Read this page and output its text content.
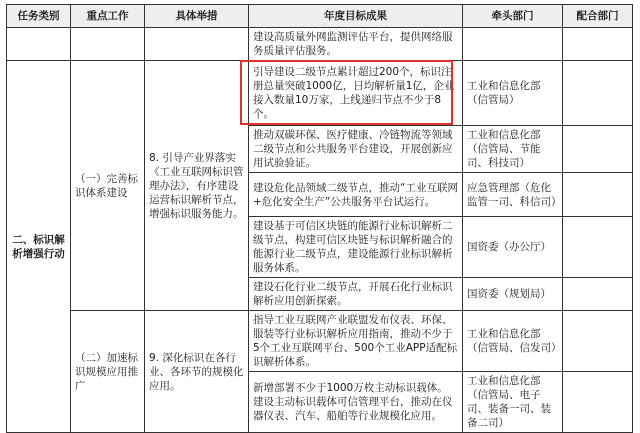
任务类别	重点工作	具体举措	年度目标成果	牵头部门	配合部门
			建设高质量外网监测评估平台，提供网络服务质量评估服务。		
二、标识解析增强行动	（一）完善标识体系建设	8. 引导产业界落实《工业互联网标识管理办法》，有序建设运营标识解析节点，增强标识服务能力。	引导建设二级节点累计超过200个，标识注册总量突破1000亿，日均解析量1亿，企业接入数量10万家，上线递归节点不少于8个。	工业和信息化部（信管局）	
			推动双碳环保、医疗健康、冷链物流等领域二级节点和公共服务平台建设，开展创新应用试验验证。	工业和信息化部（信管局、节能司、科技司）	
			建设危化品领域二级节点，推动“工业互联网+危化安全生产”公共服务平台试运行。	应急管理部（危化监管一司、科信司）	
			建设基于可信区块链的能源行业标识解析二级节点，构建可信区块链与标识解析融合的能源行业二级节点，建设能源行业标识解析服务体系。	国资委（办公厅）	
			建设石化行业二级节点，开展石化行业标识解析应用创新探索。	国资委（规划局）	
	（二）加速标识规模应用推广	9. 深化标识在各行业、各环节的规模化应用。	指导工业互联网产业联盟发布仪表、环保、服装等行业标识解析应用指南，推动不少于5个工业互联网平台、500个工业APP适配标识解析体系。	工业和信息化部（信管局、信发司）	
			新增部署不少于1000万枚主动标识载体。建设主动标识载体可信管理平台，推动在仪器仪表、汽车、船舶等行业规模化应用。	工业和信息化部（信管局、电子司、装备一司、装备二司）	
